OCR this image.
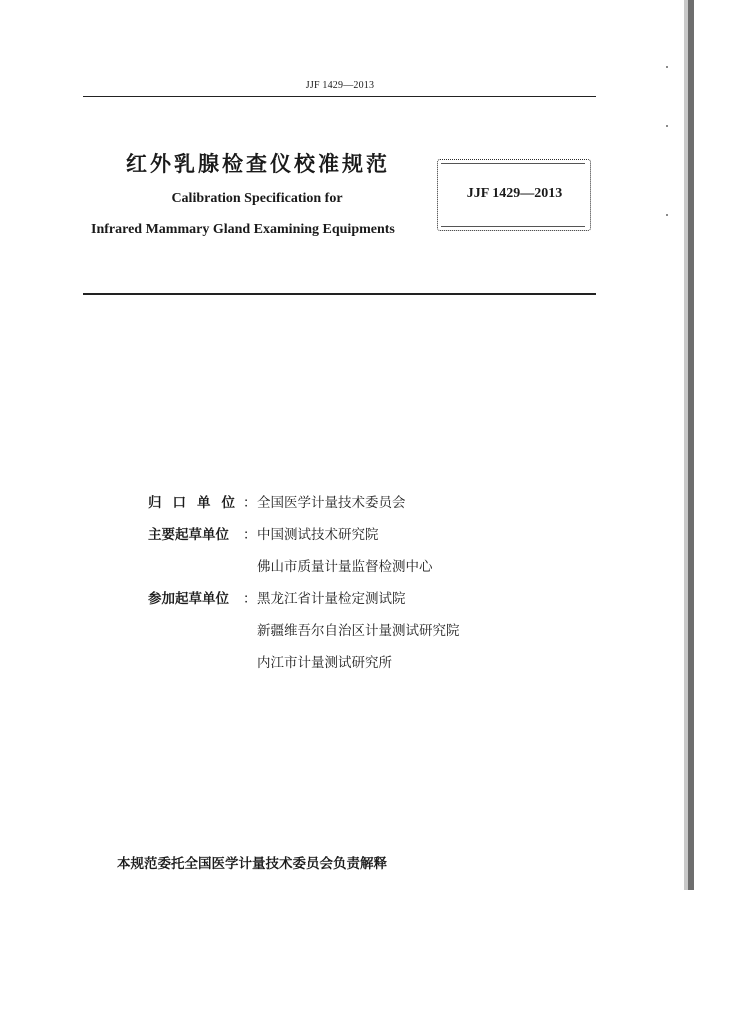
JJF 1429—2013
红外乳腺检查仪校准规范
Calibration Specification for
Infrared Mammary Gland Examining Equipments
JJF 1429—2013
归口单位
： 全国医学计量技术委员会
主要起草单位 ： 中国测试技术研究院
佛山市质量计量监督检测中心
参加起草单位 ： 黑龙江省计量检定测试院
新疆维吾尔自治区计量测试研究院
内江市计量测试研究所
本规范委托全国医学计量技术委员会负责解释
